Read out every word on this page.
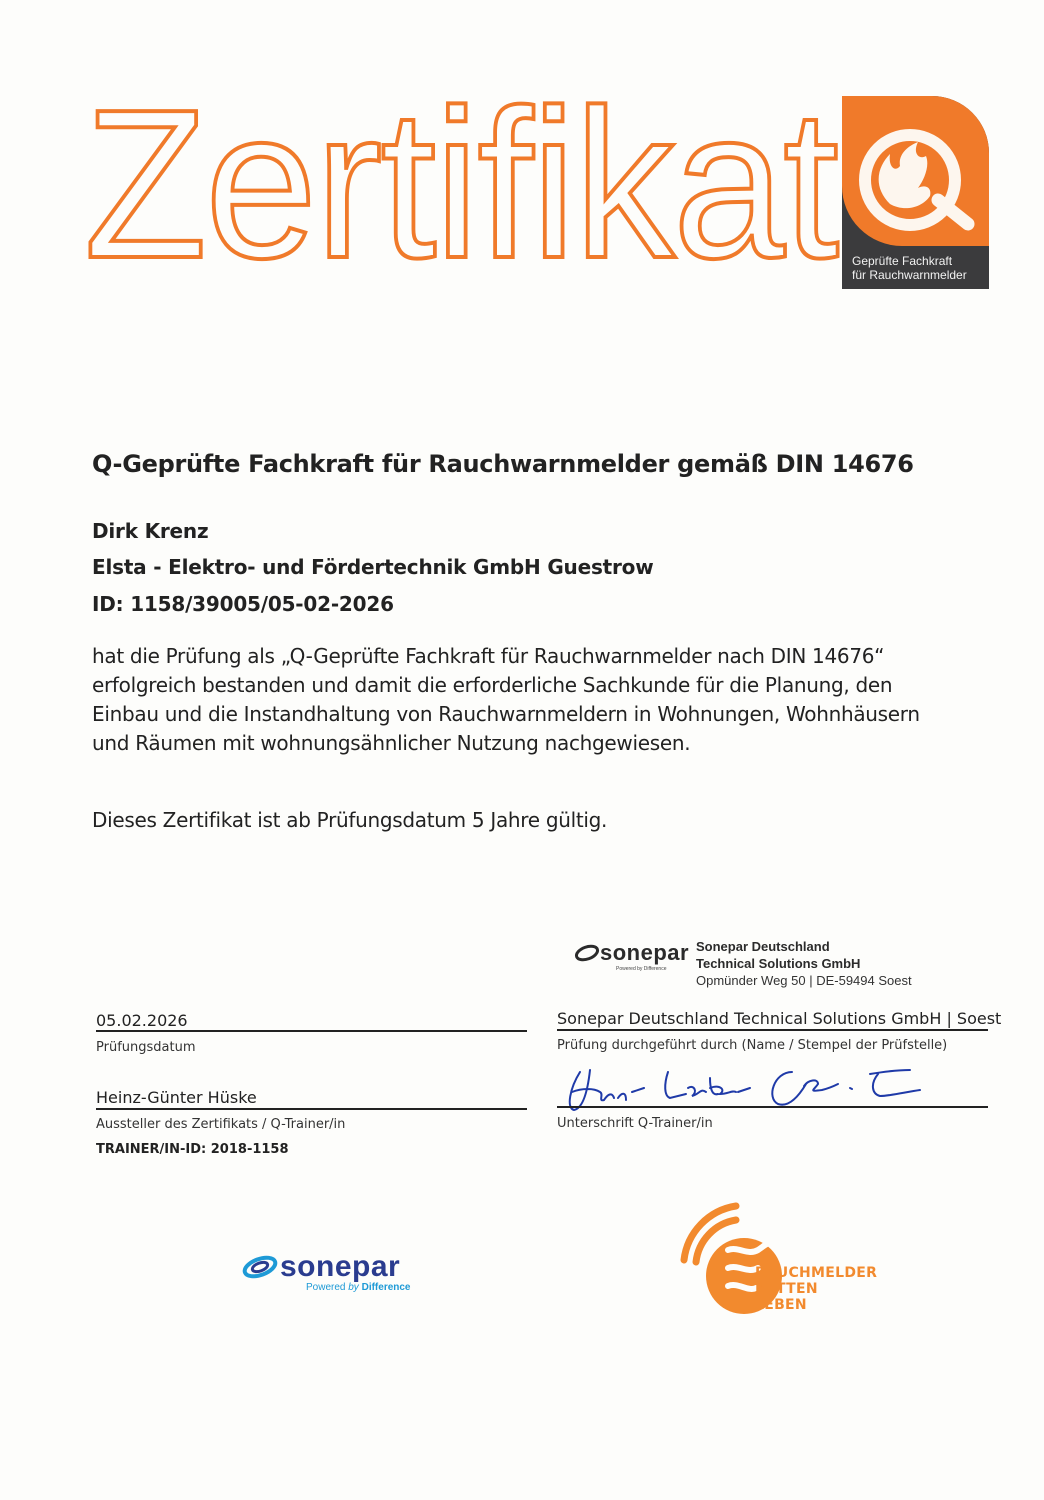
Zertifikat Geprüfte Fachkraft
für Rauchwarnmelder
Q-Geprüfte Fachkraft für Rauchwarnmelder gemäß DIN 14676
Dirk Krenz
Elsta - Elektro- und Fördertechnik GmbH Guestrow
ID: 1158/39005/05-02-2026
hat die Prüfung als „Q-Geprüfte Fachkraft für Rauchwarnmelder nach DIN 14676“
erfolgreich bestanden und damit die erforderliche Sachkunde für die Planung, den
Einbau und die Instandhaltung von Rauchwarnmeldern in Wohnungen, Wohnhäusern
und Räumen mit wohnungsähnlicher Nutzung nachgewiesen.
Dieses Zertifikat ist ab Prüfungsdatum 5 Jahre gültig.
sonepar
Powered by Difference
Sonepar Deutschland
Technical Solutions GmbH
Opmünder Weg 50 | DE-59494 Soest
05.02.2026
Prüfungsdatum
Heinz-Günter Hüske
Aussteller des Zertifikats / Q-Trainer/in
TRAINER/IN-ID: 2018-1158
Sonepar Deutschland Technical Solutions GmbH | Soest
Prüfung durchgeführt durch (Name / Stempel der Prüfstelle)
Unterschrift Q-Trainer/in
sonepar
Powered by Difference
RAUCHMELDER
RETTEN
LEBEN
